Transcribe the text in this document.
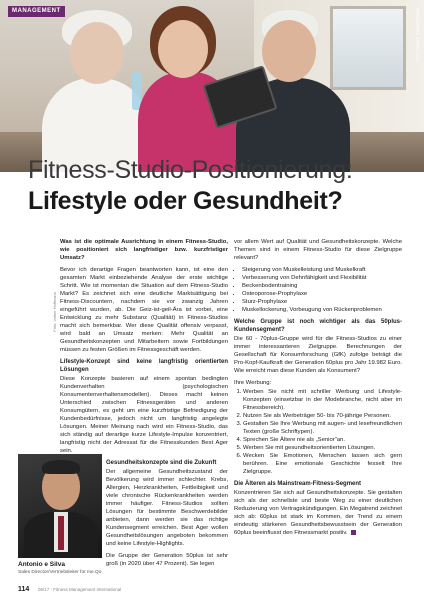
MANAGEMENT	Foto: Adobe Stock/Ocskay
Fitness-Studio-Positionierung:
Lifestyle oder Gesundheit?

Was ist die optimale Ausrichtung in einem Fitness-Studio, wie positioniert sich langfristiger bzw. kurzfristiger Umsatz?

Bevor ich derartige Fragen beantworten kann, ist eine den gesamten Markt einbeziehende Analyse der erste wichtige Schritt. Wie ist momentan die Situation auf dem Fitness-Studio Markt? Es zeichnet sich eine deutliche Marktsättigung bei Fitness-Discountern, nachdem sie vor zwanzig Jahren eingeführt wurden, ab. Die Geiz-ist-geil-Ära ist vorbei, eine Entwicklung zu mehr Substanz (Qualität) in Fitness-Studios macht sich bemerkbar. Wer diese Qualität offensiv verpasst, wird bald an Umsatz merken: Mehr Qualität an Gesundheitskonzepten und Mitarbeitern sowie Fortbildungen müssen zu festen Größen im Fitnessgeschäft werden.

Lifestyle-Konzept sind keine langfristig orientierten Lösungen

Diese Konzepte basieren auf einem spontan bedingten Kundenverhalten (psychologischen Konsumentenverhaltensmodellen). Dieses macht keinen Unterschied zwischen Fitnessgeräten und anderen Konsumgütern, es geht um eine kurzfristige Befriedigung der Kundenbedürfnisse, jedoch nicht um langfristig angelegte Lösungen. Meiner Meinung nach wird ein Fitness-Studio, das sich ständig auf derartige kurze Lifestyle-Impulse konzentriert, langfristig nicht der Adressat für die Fitnesskunden Best Ager sein.

Gesundheitskonzepte sind die Zukunft

Der allgemeine Gesundheitszustand der Bevölkerung wird immer schlechter. Krebs, Allergien, Herzkrankheiten, Fettleibigkeit und viele chronische Rückenkrankheiten werden immer häufiger. Fitness-Studios sollten Lösungen für bestimmte Beschwerdebilder anbieten, dann werden sie das richtige Kundensegment erreichen. Best Ager wollen Gesundheitslösungen angeboten bekommen und keine Lifestyle-Highlights.

Die Gruppe der Generation 50plus ist sehr groß (in 2020 über 47 Prozent). Sie legen

Foto: Volker Hoffmann

vor allem Wert auf Qualität und Gesundheitskonzepte. Welche Themen sind in einem Fitness-Studio für diese Zielgruppe relevant?

• Steigerung von Muskelleistung und Muskelkraft
• Verbesserung von Dehnfähigkeit und Flexibilität
• Beckenbodentraining
• Osteoporose-Prophylaxe
• Sturz-Prophylaxe
• Muskellockerung, Vorbeugung von Rückenproblemen
Welche Gruppe ist noch wichtiger als das 50plus-Kundensegment?

Die 60 - 70plus-Gruppe wird für die Fitness-Studios zu einer immer interessanteren Zielgruppe. Berechnungen der Gesellschaft für Konsumforschung (GfK) zufolge beträgt die Pro-Kopf-Kaufkraft der Generation 60plus pro Jahr 19.982 Euro. Wie erreicht man diese Kunden als Konsument?

Ihre Werbung:

1. Werben Sie nicht mit schriller Werbung und Lifestyle-Konzepten (einsetzbar in der Modebranche, nicht aber im Fitnessbereich).
2. Nutzen Sie als Werbeträger 50- bis 70-jährige Personen.
3. Gestalten Sie Ihre Werbung mit augen- und lesefreundlichen Texten (große Schriftypen).
4. Sprechen Sie Ältere nie als „Senior"an.
5. Werben Sie mit gesundheitsorientierten Lösungen.
6. Wecken Sie Emotionen, Menschen lassen sich gern berühren. Eine emotionale Geschichte fesselt Ihre Zielgruppe.
Die Älteren als Mainstream-Fitness-Segment

Konzentrieren Sie sich auf Gesundheitskonzepte. Sie gestalten sich als der schnellste und beste Weg zu einer deutlichen Reduzierung von Vertragskündigungen. Ein Megatrend zeichnet sich ab: 60plus ist stark im Kommen, der Trend zu einem eindeutig stärkeren Gesundheitsbewusstsein der Generation 60plus beeinflusst den Fitnessmarkt positiv.

Antonio e Silva
Sales Director/Vertriebsleiter for me.Qo
114 06/17 · Fitness Management International
